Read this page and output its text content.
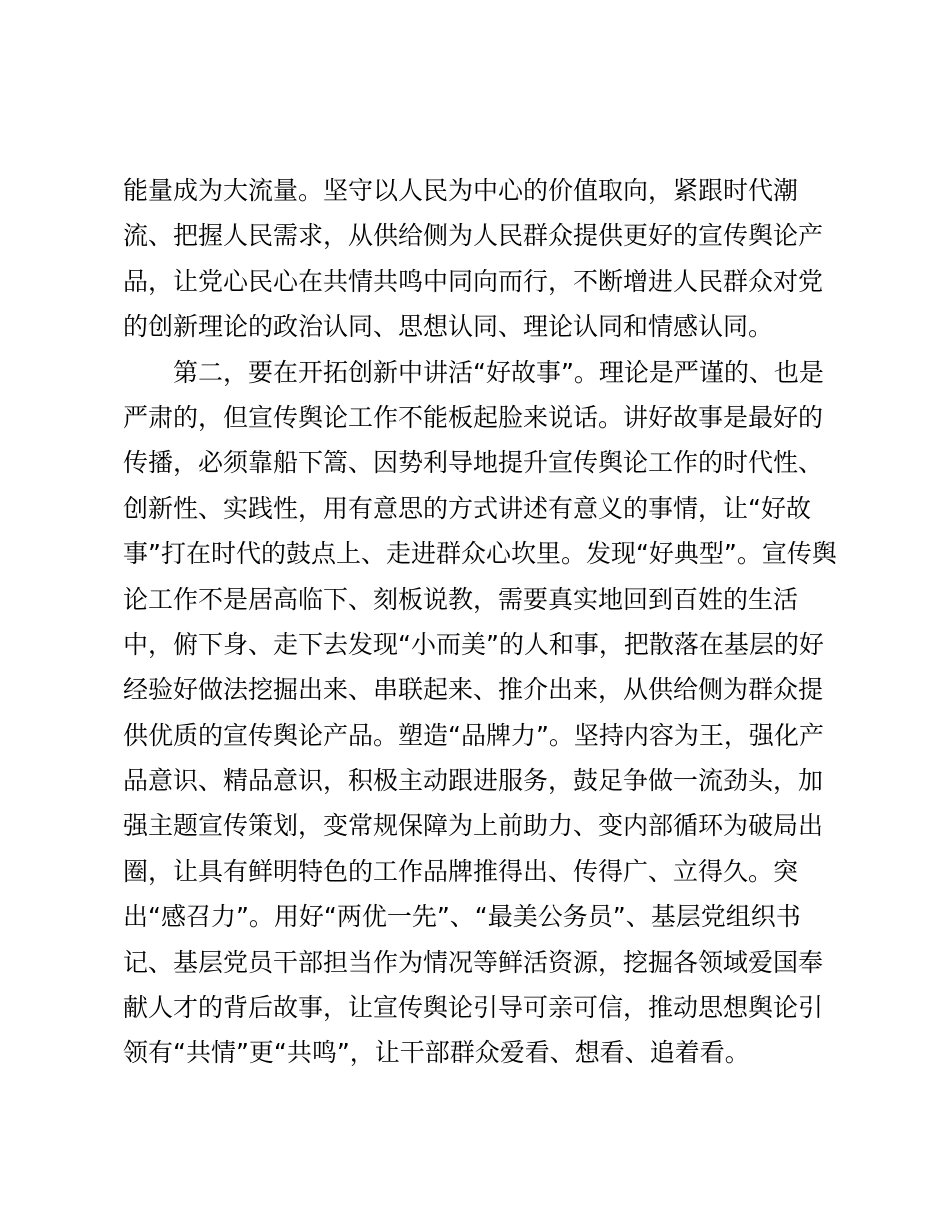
能量成为大流量。坚守以人民为中心的价值取向，紧跟时代潮
流、把握人民需求，从供给侧为人民群众提供更好的宣传舆论产
品，让党心民心在共情共鸣中同向而行，不断增进人民群众对党
的创新理论的政治认同、思想认同、理论认同和情感认同。
　　第二，要在开拓创新中讲活“好故事”。理论是严谨的、也是
严肃的，但宣传舆论工作不能板起脸来说话。讲好故事是最好的
传播，必须靠船下篙、因势利导地提升宣传舆论工作的时代性、
创新性、实践性，用有意思的方式讲述有意义的事情，让“好故
事”打在时代的鼓点上、走进群众心坎里。发现“好典型”。宣传舆
论工作不是居高临下、刻板说教，需要真实地回到百姓的生活
中，俯下身、走下去发现“小而美”的人和事，把散落在基层的好
经验好做法挖掘出来、串联起来、推介出来，从供给侧为群众提
供优质的宣传舆论产品。塑造“品牌力”。坚持内容为王，强化产
品意识、精品意识，积极主动跟进服务，鼓足争做一流劲头，加
强主题宣传策划，变常规保障为上前助力、变内部循环为破局出
圈，让具有鲜明特色的工作品牌推得出、传得广、立得久。突
出“感召力”。用好“两优一先”、“最美公务员”、基层党组织书
记、基层党员干部担当作为情况等鲜活资源，挖掘各领域爱国奉
献人才的背后故事，让宣传舆论引导可亲可信，推动思想舆论引
领有“共情”更“共鸣”，让干部群众爱看、想看、追着看。
